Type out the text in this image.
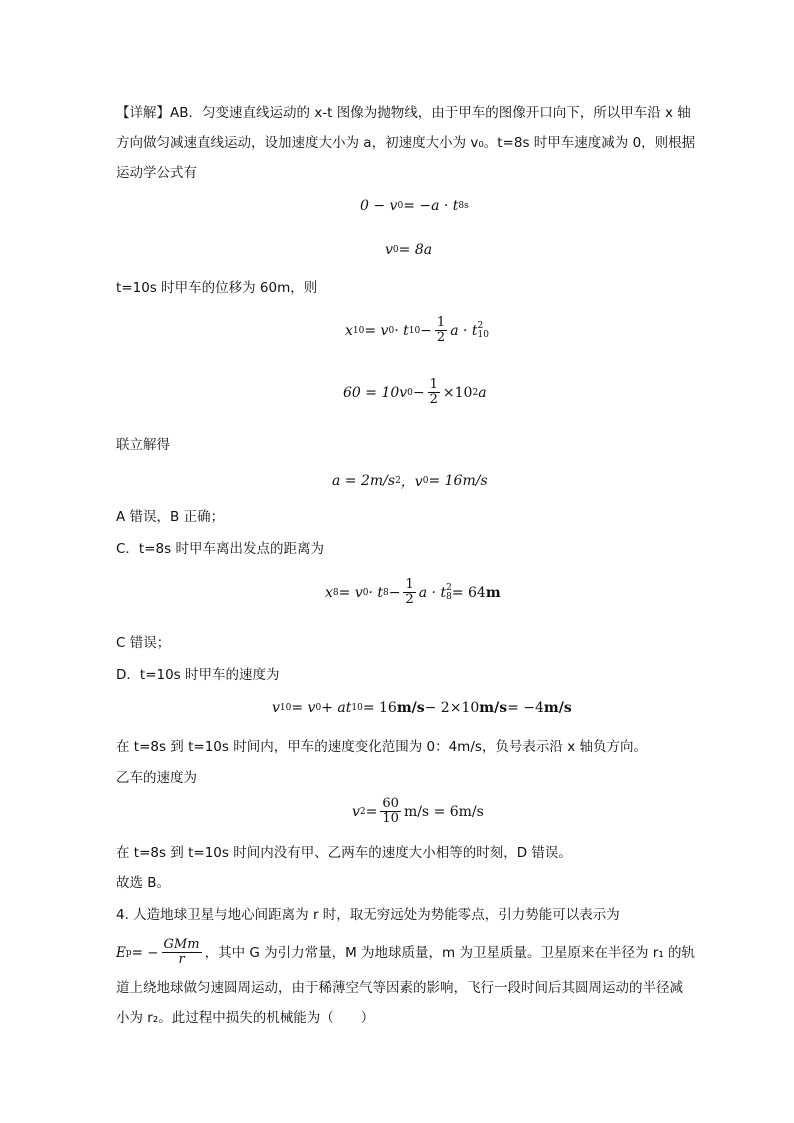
【详解】AB．匀变速直线运动的 x-t 图像为抛物线，由于甲车的图像开口向下，所以甲车沿 x 轴
方向做匀减速直线运动，设加速度大小为 a，初速度大小为 v₀。t=8s 时甲车速度减为 0，则根据
运动学公式有
0 − v 0 = −a · t 8s
v 0 = 8a
t=10s 时甲车的位移为 60m，则
x 10 = v 0 · t $10 - \frac{1}{2}$ a · t 2
10
60 = 10v $0 - \frac{1}{2} \times 10$ 2 a
联立解得
a = 2m/s 2 ，v 0 = 16m/s
A 错误，B 正确；
C．t=8s 时甲车离出发点的距离为
x 8 = v 0 · t $8 - \frac{1}{2}$ a · t 2
8 = 64 m
C 错误；
D．t=10s 时甲车的速度为
v 10 = v 0 + at 10 = 16 m/s − 2×10 m/s = −4 m/s
在 t=8s 到 t=10s 时间内，甲车的速度变化范围为 0：4m/s，负号表示沿 x 轴负方向。
乙车的速度为
v $2 = \frac{60}{10} m/s = 6m/s$
在 t=8s 到 t=10s 时间内没有甲、乙两车的速度大小相等的时刻，D 错误。
故选 B。
4. 人造地球卫星与地心间距离为 r 时，取无穷远处为势能零点，引力势能可以表示为
E p = − $\frac{\text{GMm}}{r}$ ，其中 G 为引力常量，M 为地球质量，m 为卫星质量。卫星原来在半径为 r₁ 的轨
道上绕地球做匀速圆周运动，由于稀薄空气等因素的影响，飞行一段时间后其圆周运动的半径减
小为 r₂。此过程中损失的机械能为（　　）
